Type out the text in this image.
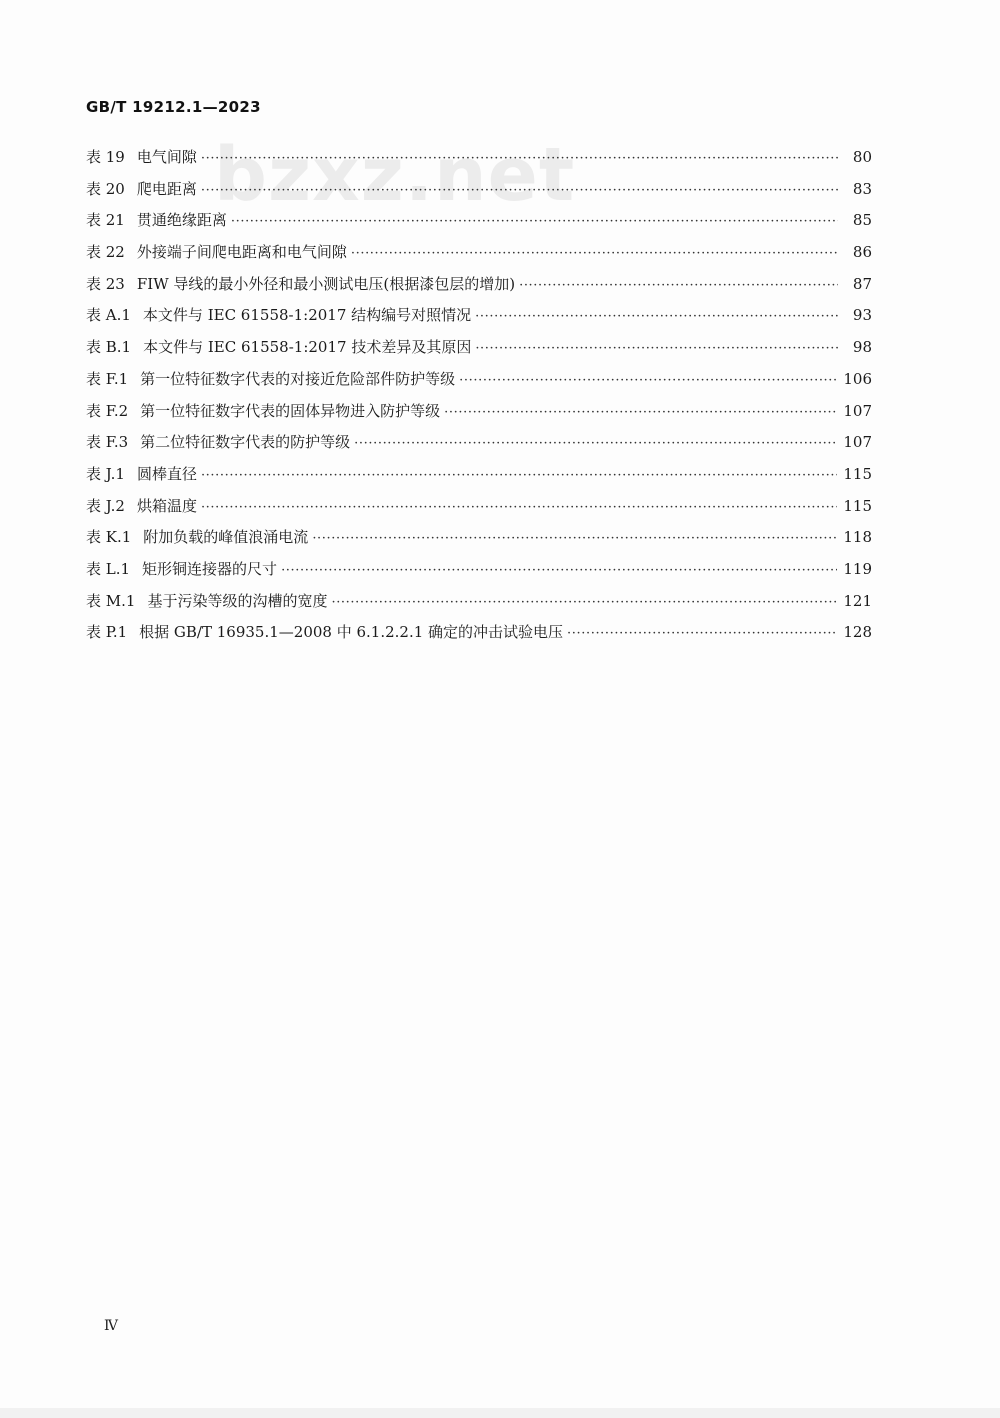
GB/T 19212.1—2023
bzxz.net
表 19 电气间隙 ·····	80
表 20 爬电距离 ·····	83
表 21 贯通绝缘距离 ·····	85
表 22 外接端子间爬电距离和电气间隙 ·····	86
表 23 FIW 导线的最小外径和最小测试电压(根据漆包层的增加) ·····	87
表 A.1 本文件与 IEC 61558-1:2017 结构编号对照情况 ·····	93
表 B.1 本文件与 IEC 61558-1:2017 技术差异及其原因 ·····	98
表 F.1 第一位特征数字代表的对接近危险部件防护等级 ·····	106
表 F.2 第一位特征数字代表的固体异物进入防护等级 ·····	107
表 F.3 第二位特征数字代表的防护等级 ·····	107
表 J.1 圆棒直径 ·····	115
表 J.2 烘箱温度 ·····	115
表 K.1 附加负载的峰值浪涌电流 ·····	118
表 L.1 矩形铜连接器的尺寸 ·····	119
表 M.1 基于污染等级的沟槽的宽度 ·····	121
表 P.1 根据 GB/T 16935.1—2008 中 6.1.2.2.1 确定的冲击试验电压 ·····	128
Ⅳ
